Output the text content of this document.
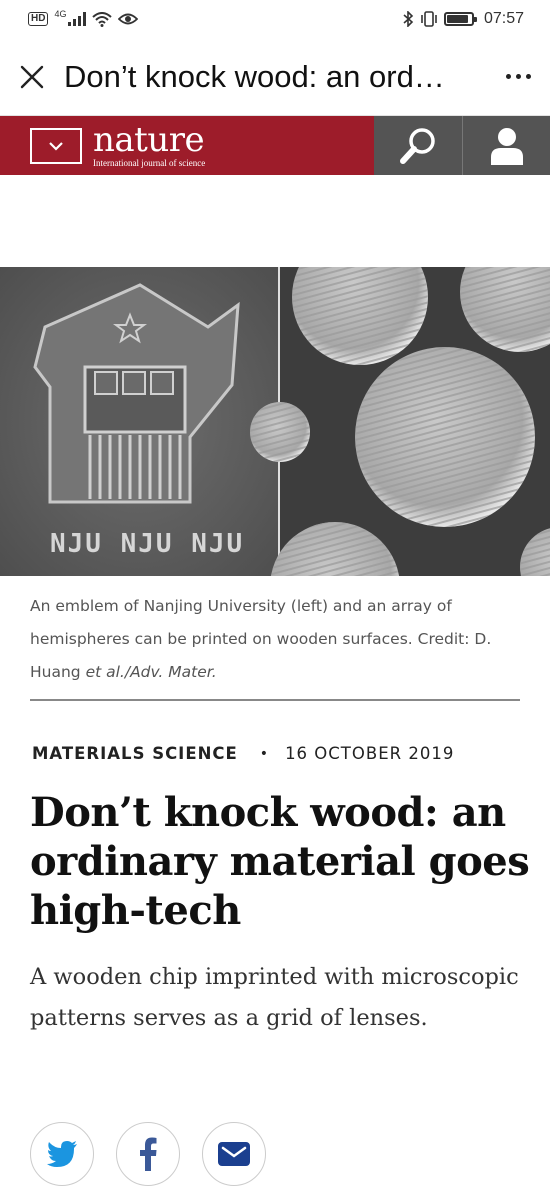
HD	4G	07:57
Don’t knock wood: an ord…
nature
International journal of science
NJU NJU NJU

An emblem of Nanjing University (left) and an array of hemispheres can be printed on wooden surfaces. Credit: D. Huang et al./Adv. Mater.

MATERIALS SCIENCE • 16 OCTOBER 2019
Don’t knock wood: an ordinary material goes high-tech

A wooden chip imprinted with microscopic patterns serves as a grid of lenses.
